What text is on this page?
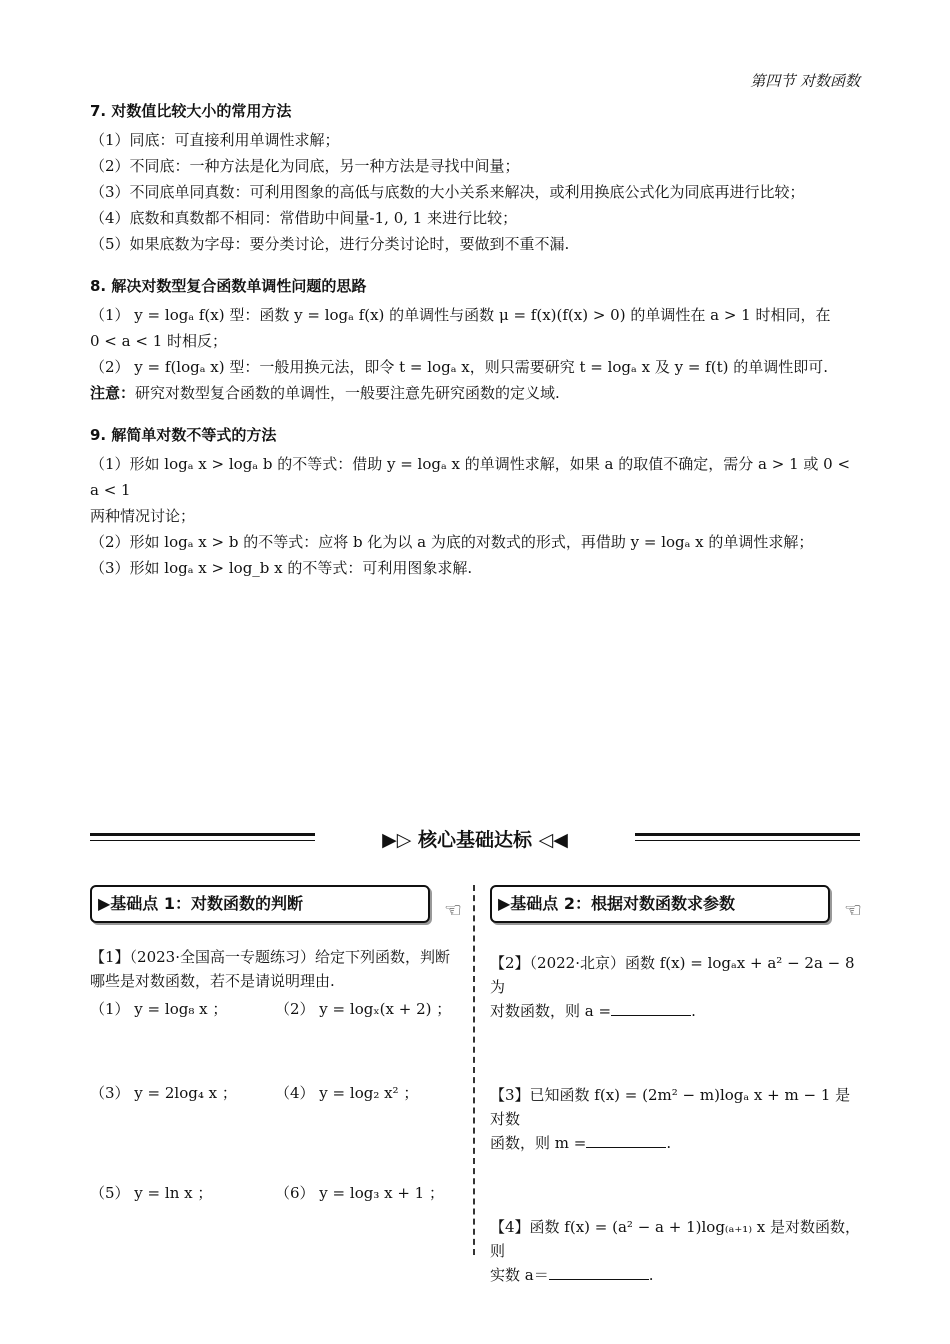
第四节 对数函数

7. 对数值比较大小的常用方法

（1）同底：可直接利用单调性求解；

（2）不同底：一种方法是化为同底，另一种方法是寻找中间量；

（3）不同底单同真数：可利用图象的高低与底数的大小关系来解决，或利用换底公式化为同底再进行比较；

（4）底数和真数都不相同：常借助中间量-1, 0, 1 来进行比较；

（5）如果底数为字母：要分类讨论，进行分类讨论时，要做到不重不漏.

8. 解决对数型复合函数单调性问题的思路

（1） y = logₐ f(x) 型：函数 y = logₐ f(x) 的单调性与函数 μ = f(x)(f(x) > 0) 的单调性在 a > 1 时相同，在

0 < a < 1 时相反；

（2） y = f(logₐ x) 型：一般用换元法，即令 t = logₐ x，则只需要研究 t = logₐ x 及 y = f(t) 的单调性即可.

注意：研究对数型复合函数的单调性，一般要注意先研究函数的定义域.

9. 解简单对数不等式的方法

（1）形如 logₐ x > logₐ b 的不等式：借助 y = logₐ x 的单调性求解，如果 a 的取值不确定，需分 a > 1 或 0 < a < 1

两种情况讨论；

（2）形如 logₐ x > b 的不等式：应将 b 化为以 a 为底的对数式的形式，再借助 y = logₐ x 的单调性求解；

（3）形如 logₐ x > log_b x 的不等式：可利用图象求解.

▶▷ 核心基础达标 ◁◀
▶基础点 1：对数函数的判断	☜

【1】（2023·全国高一专题练习）给定下列函数，判断哪些是对数函数，若不是请说明理由.

（1） y = log₈ x ；	（2） y = logₓ(x + 2) ；
（3） y = 2log₄ x ；	（4） y = log₂ x² ；
（5） y = ln x ；	（6） y = log₃ x + 1 ；
▶基础点 2：根据对数函数求参数	☜

【2】（2022·北京）函数 f(x) = logₐx + a² − 2a − 8 为

对数函数，则 a =	.

【3】已知函数 f(x) = (2m² − m)logₐ x + m − 1 是对数

函数，则 m =	.

【4】函数 f(x) = (a² − a + 1)log₍ₐ₊₁₎ x 是对数函数，则

实数 a＝	.
